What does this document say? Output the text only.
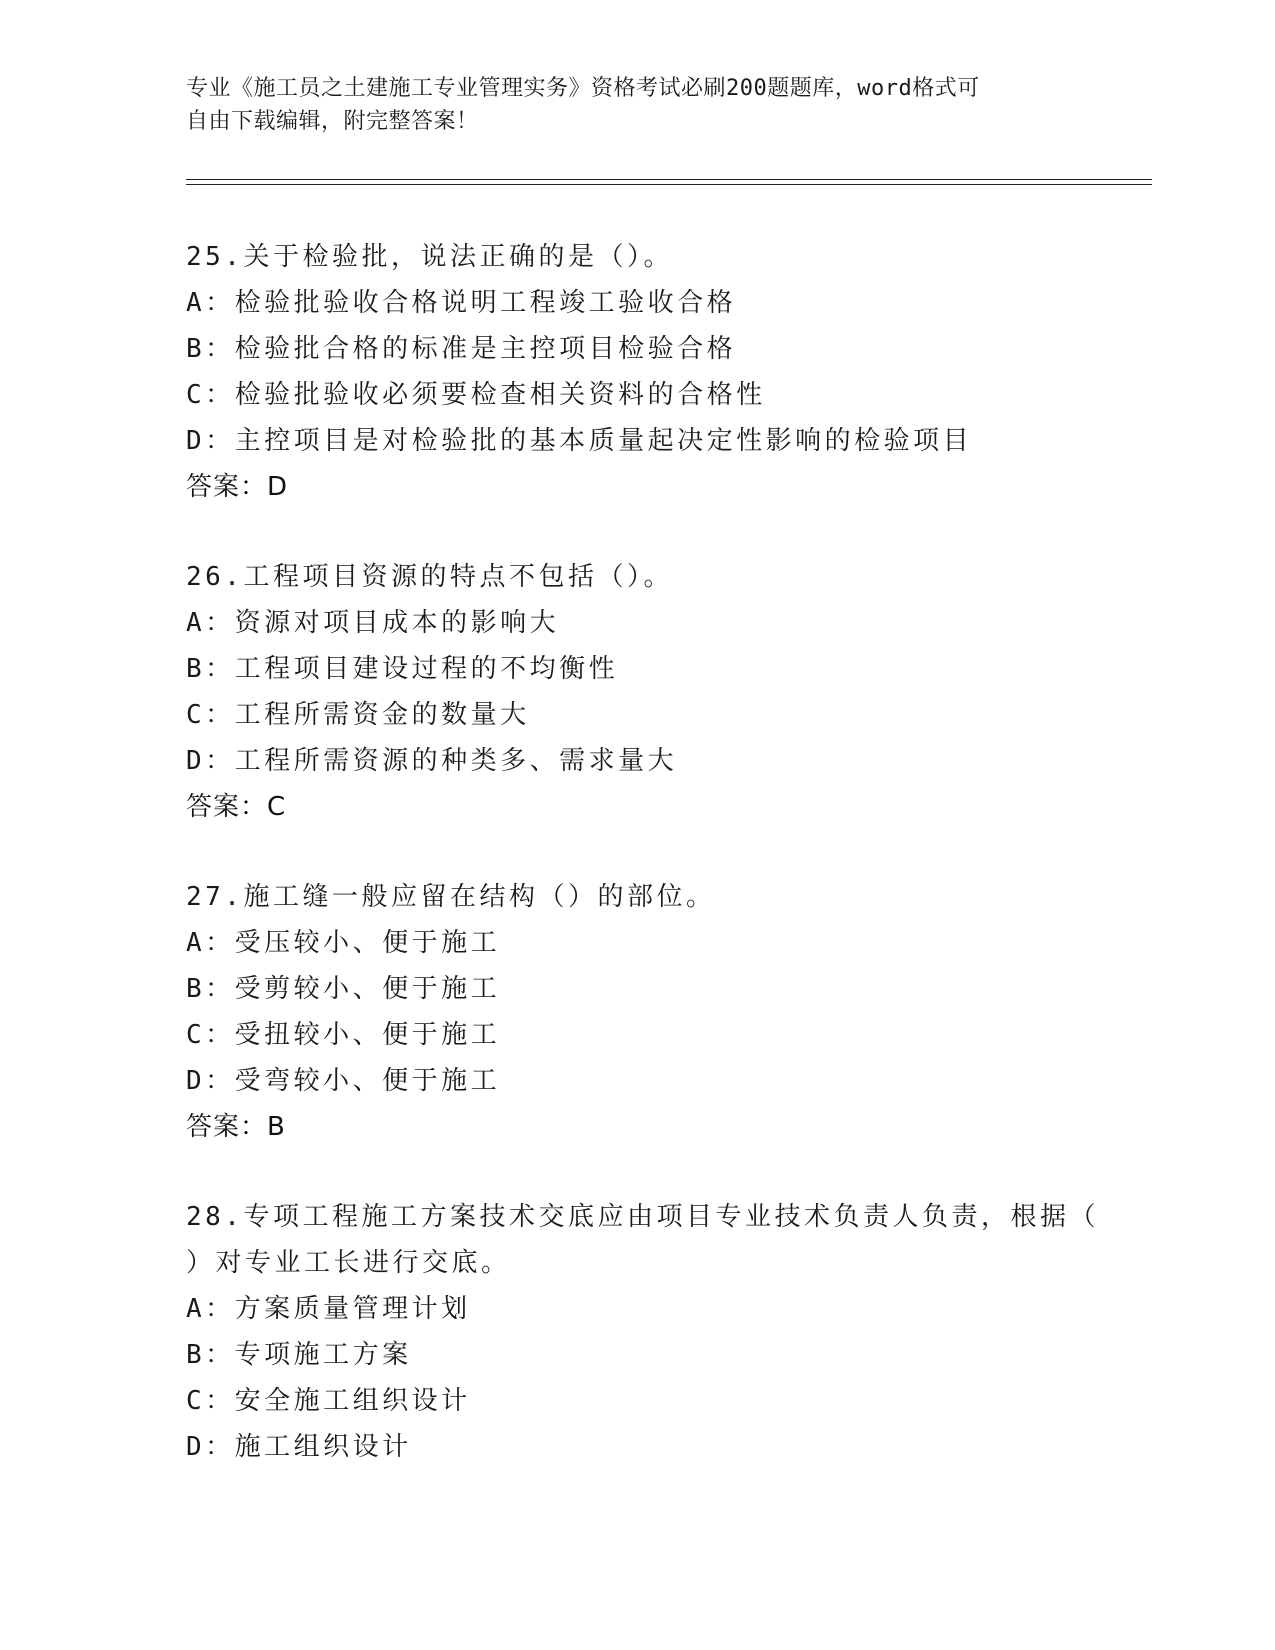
专业《施工员之土建施工专业管理实务》资格考试必刷200题题库，word格式可
自由下载编辑，附完整答案！
25.关于检验批，说法正确的是（）。
A：检验批验收合格说明工程竣工验收合格
B：检验批合格的标准是主控项目检验合格
C：检验批验收必须要检查相关资料的合格性
D：主控项目是对检验批的基本质量起决定性影响的检验项目
答案：D
26.工程项目资源的特点不包括（）。
A：资源对项目成本的影响大
B：工程项目建设过程的不均衡性
C：工程所需资金的数量大
D：工程所需资源的种类多、需求量大
答案：C
27.施工缝一般应留在结构（）的部位。
A：受压较小、便于施工
B：受剪较小、便于施工
C：受扭较小、便于施工
D：受弯较小、便于施工
答案：B
28.专项工程施工方案技术交底应由项目专业技术负责人负责，根据（
）对专业工长进行交底。
A：方案质量管理计划
B：专项施工方案
C：安全施工组织设计
D：施工组织设计
